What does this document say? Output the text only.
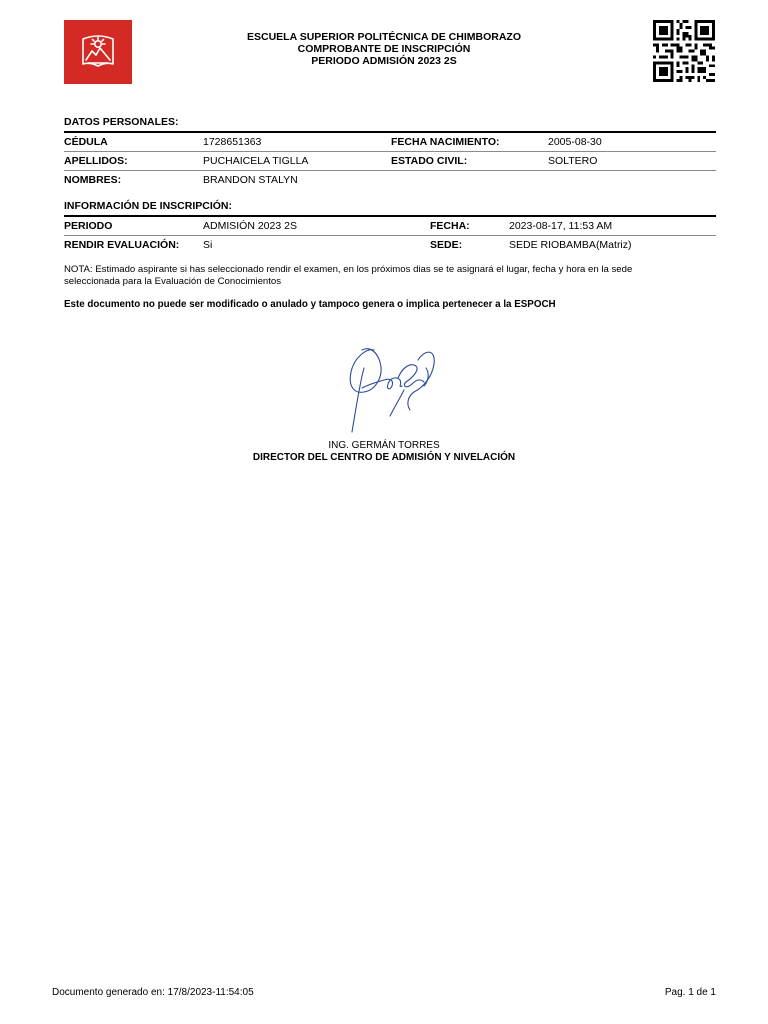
ESCUELA SUPERIOR POLITÉCNICA DE CHIMBORAZO
COMPROBANTE DE INSCRIPCIÓN
PERIODO ADMISIÓN 2023 2S
DATOS PERSONALES:
CÉDULA	1728651363	FECHA NACIMIENTO:	2005-08-30
APELLIDOS:	PUCHAICELA TIGLLA	ESTADO CIVIL:	SOLTERO
NOMBRES:	BRANDON STALYN
INFORMACIÓN DE INSCRIPCIÓN:
PERIODO	ADMISIÓN 2023 2S	FECHA:	2023-08-17, 11:53 AM
RENDIR EVALUACIÓN: Si	SEDE:	SEDE RIOBAMBA(Matriz)
NOTA: Estimado aspirante si has seleccionado rendir el examen, en los próximos dias se te asignará el lugar, fecha y hora en la sede
seleccionada para la Evaluación de Conocimientos
Este documento no puede ser modificado o anulado y tampoco genera o implica pertenecer a la ESPOCH
ING. GERMÁN TORRES
DIRECTOR DEL CENTRO DE ADMISIÓN Y NIVELACIÓN
Documento generado en: 17/8/2023-11:54:05	Pag. 1 de 1
